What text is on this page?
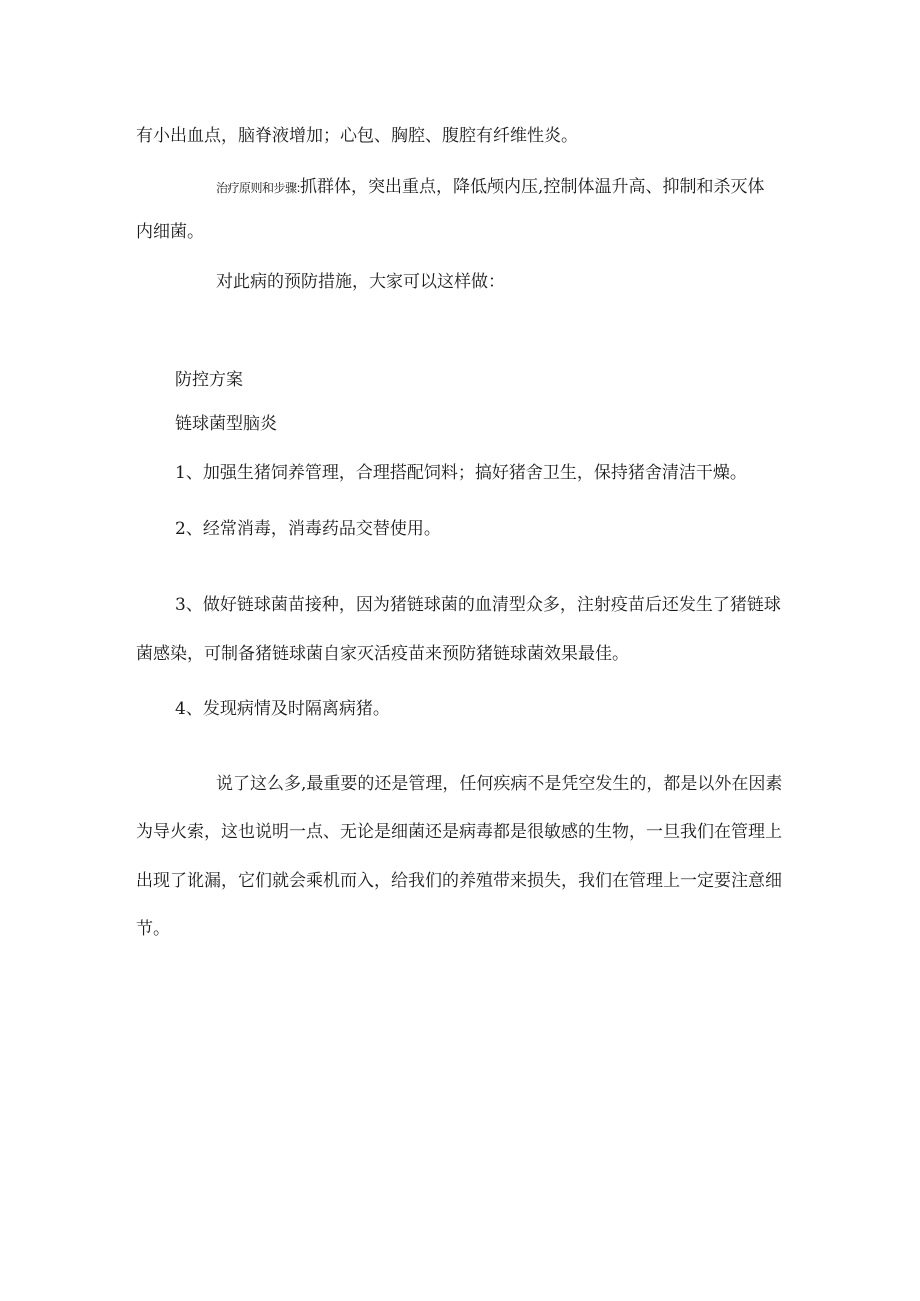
有小出血点，脑脊液增加；心包、胸腔、腹腔有纤维性炎。

治疗原则和步骤:抓群体，突出重点，降低颅内压,控制体温升高、抑制和杀灭体

内细菌。

对此病的预防措施，大家可以这样做：

防控方案

链球菌型脑炎

1、加强生猪饲养管理，合理搭配饲料；搞好猪舍卫生，保持猪舍清洁干燥。

2、经常消毒，消毒药品交替使用。

3、做好链球菌苗接种，因为猪链球菌的血清型众多，注射疫苗后还发生了猪链球

菌感染，可制备猪链球菌自家灭活疫苗来预防猪链球菌效果最佳。

4、发现病情及时隔离病猪。

说了这么多,最重要的还是管理，任何疾病不是凭空发生的，都是以外在因素

为导火索，这也说明一点、无论是细菌还是病毒都是很敏感的生物，一旦我们在管理上

出现了讹漏，它们就会乘机而入，给我们的养殖带来损失，我们在管理上一定要注意细

节。
